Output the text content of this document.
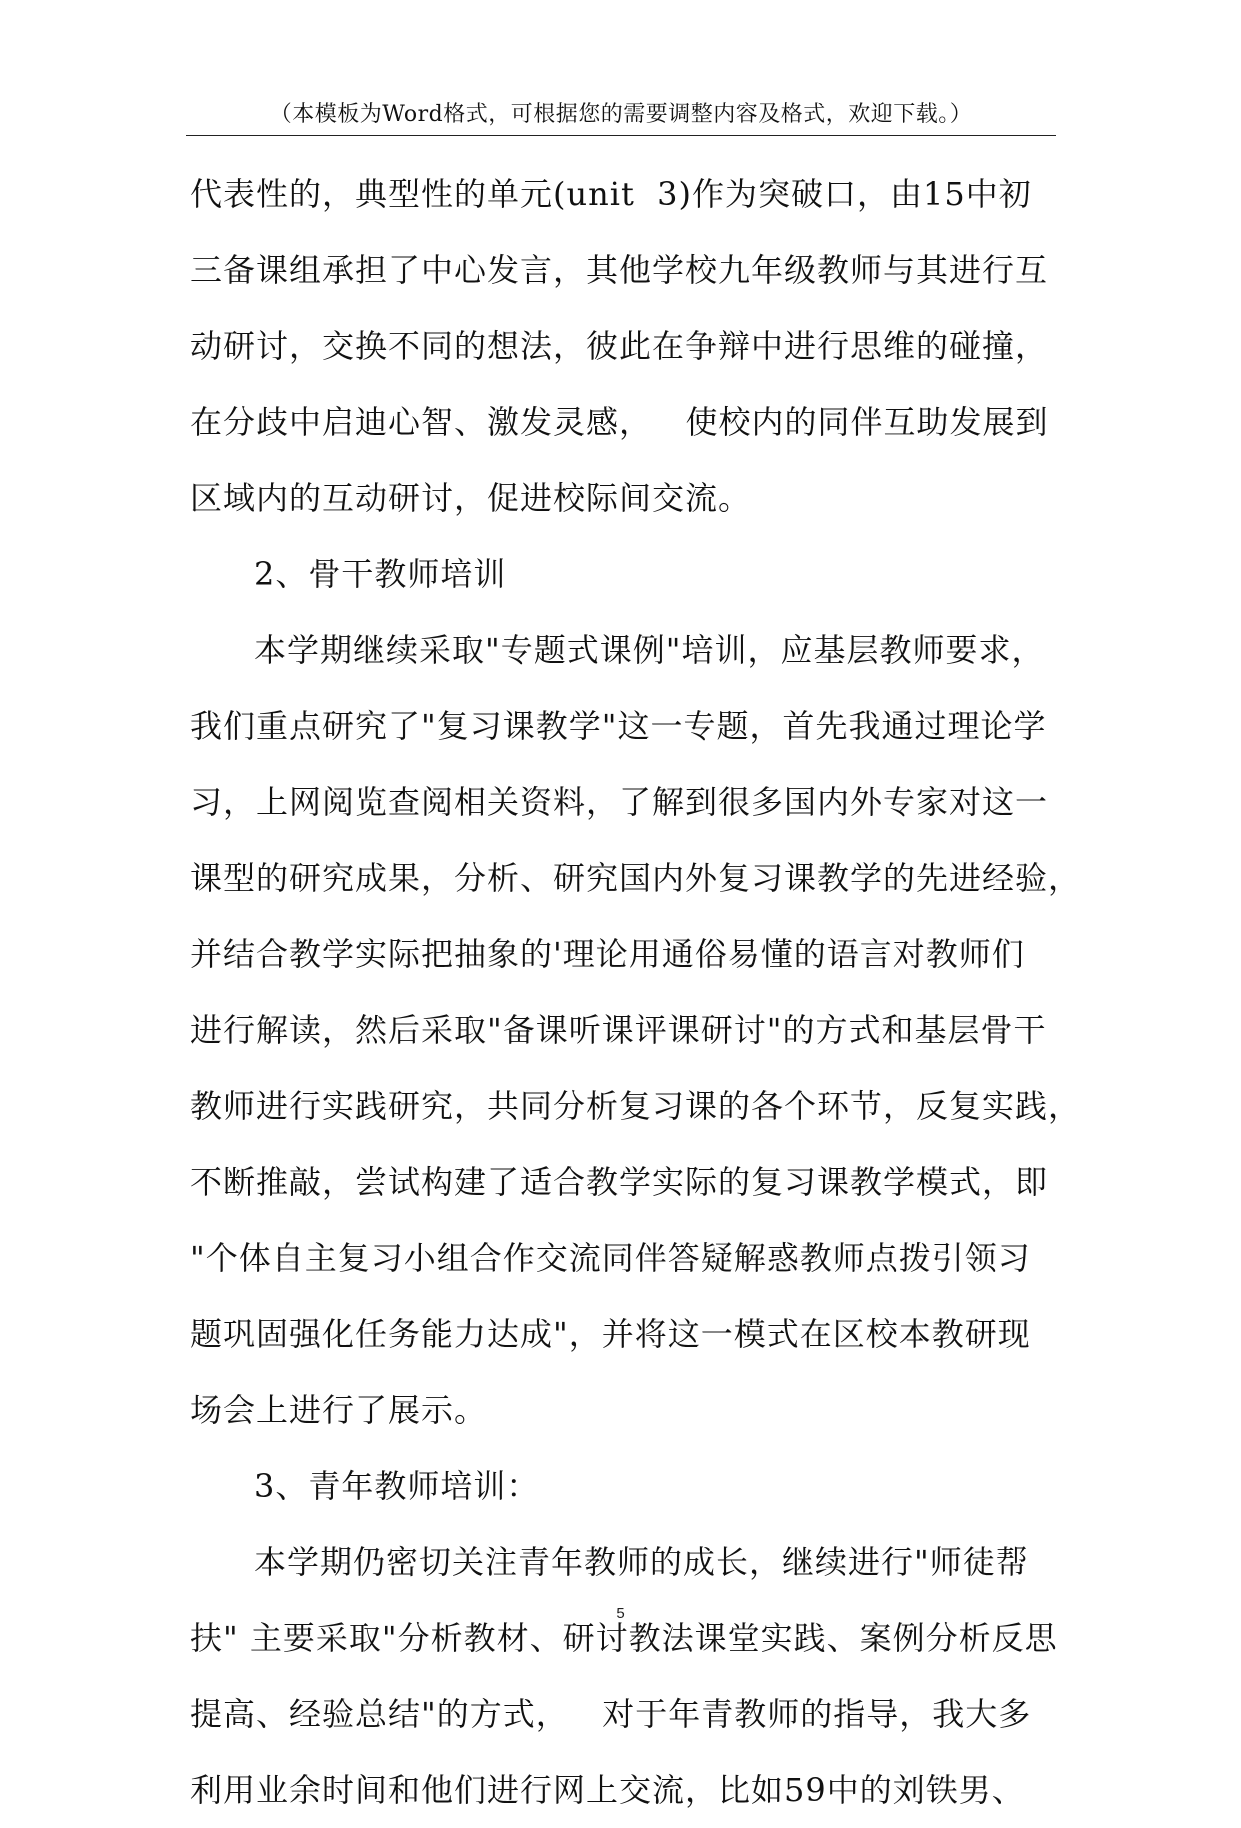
（本模板为Word格式，可根据您的需要调整内容及格式，欢迎下载。）
代表性的，典型性的单元(unit  3)作为突破口，由15中初
三备课组承担了中心发言，其他学校九年级教师与其进行互
动研讨，交换不同的想法，彼此在争辩中进行思维的碰撞，
在分歧中启迪心智、激发灵感，   使校内的同伴互助发展到
区域内的互动研讨，促进校际间交流。
2、骨干教师培训
本学期继续采取"专题式课例"培训，应基层教师要求，
我们重点研究了"复习课教学"这一专题，首先我通过理论学
习，上网阅览查阅相关资料，了解到很多国内外专家对这一
课型的研究成果，分析、研究国内外复习课教学的先进经验，
并结合教学实际把抽象的'理论用通俗易懂的语言对教师们
进行解读，然后采取"备课听课评课研讨"的方式和基层骨干
教师进行实践研究，共同分析复习课的各个环节，反复实践，
不断推敲，尝试构建了适合教学实际的复习课教学模式，即
"个体自主复习小组合作交流同伴答疑解惑教师点拨引领习
题巩固强化任务能力达成"，并将这一模式在区校本教研现
场会上进行了展示。
3、青年教师培训：
本学期仍密切关注青年教师的成长，继续进行"师徒帮
扶" 主要采取"分析教材、研讨教法课堂实践、案例分析反思
提高、经验总结"的方式，   对于年青教师的指导，我大多
利用业余时间和他们进行网上交流，比如59中的刘铁男、
5
